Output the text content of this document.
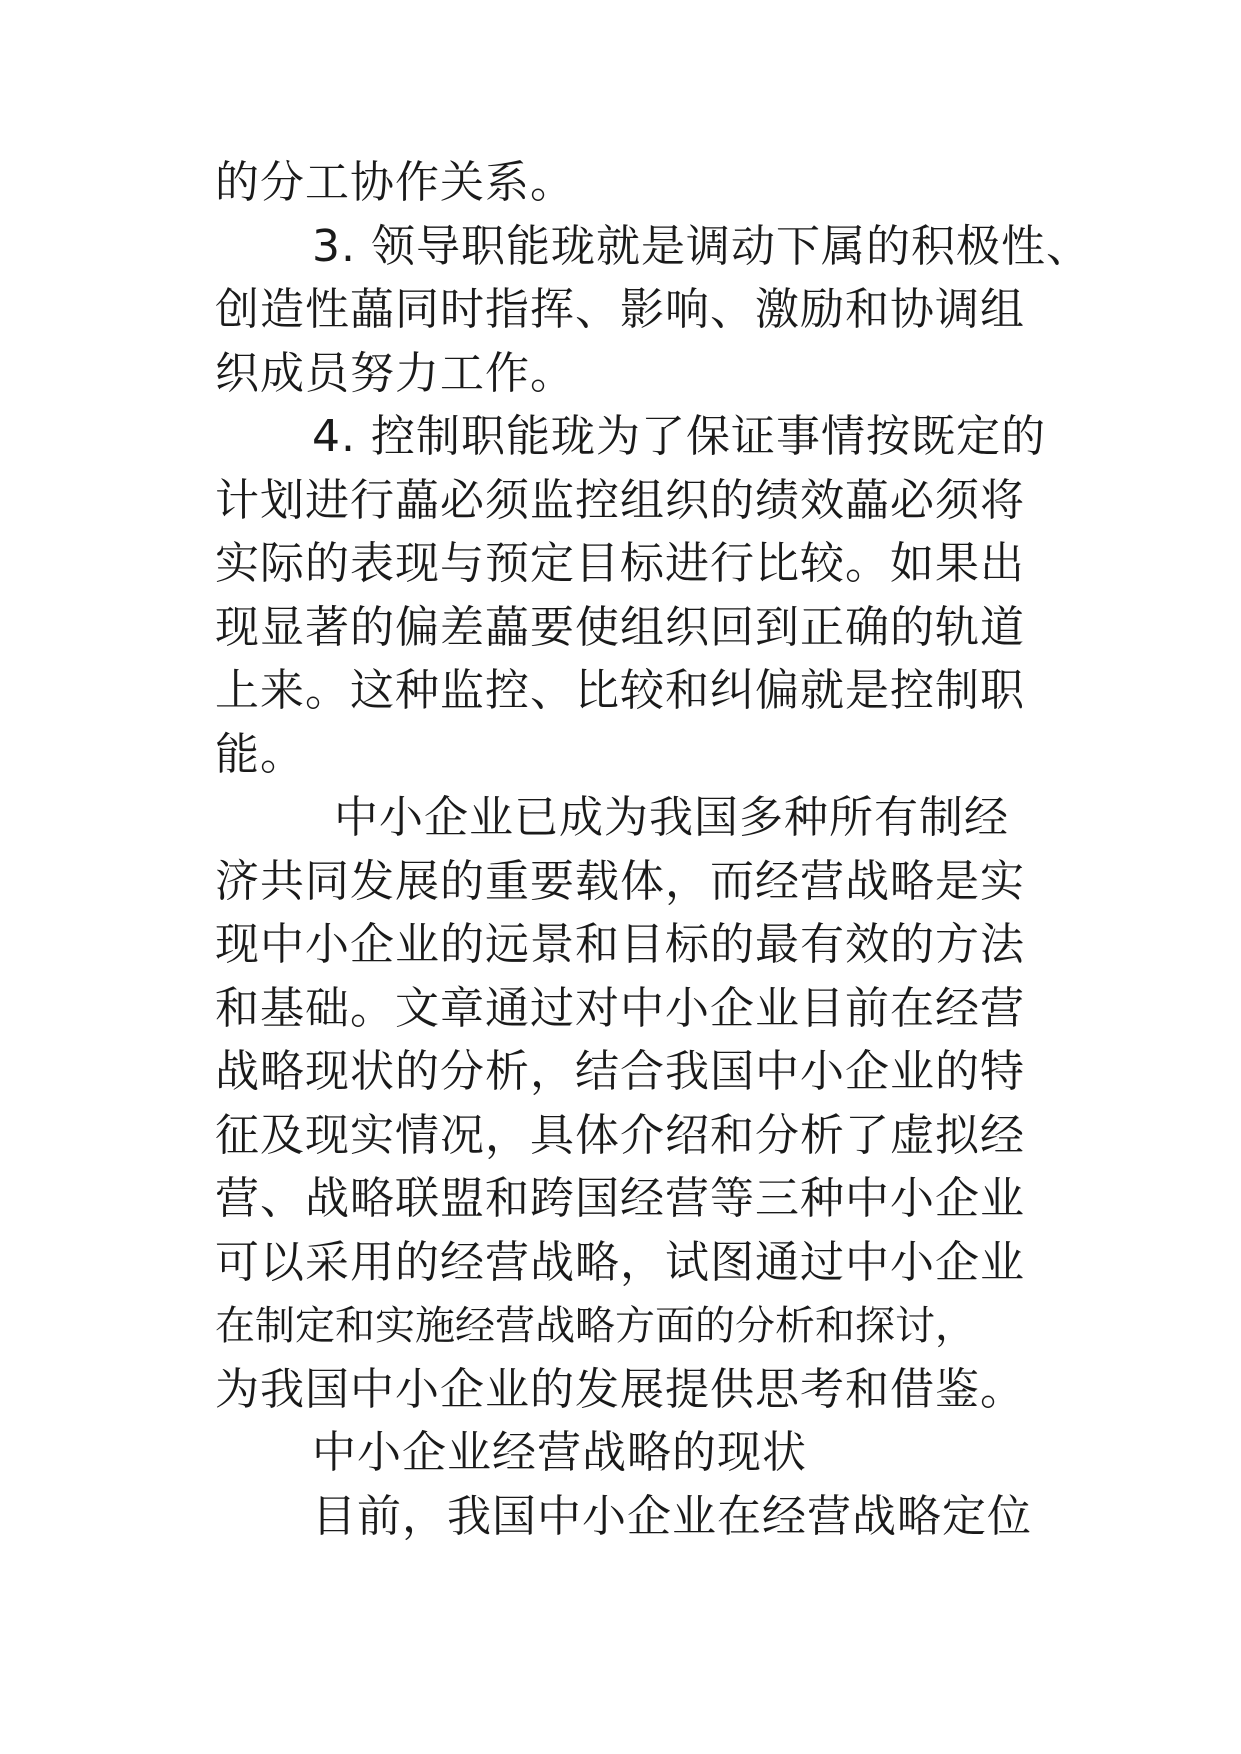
的分工协作关系。
3. 领导职能珑就是调动下属的积极性、
创造性藟同时指挥、影响、激励和协调组
织成员努力工作。
4. 控制职能珑为了保证事情按既定的
计划进行藟必须监控组织的绩效藟必须将
实际的表现与预定目标进行比较。如果出
现显著的偏差藟要使组织回到正确的轨道
上来。这种监控、比较和纠偏就是控制职
能。
中小企业已成为我国多种所有制经
济共同发展的重要载体，而经营战略是实
现中小企业的远景和目标的最有效的方法
和基础。文章通过对中小企业目前在经营
战略现状的分析，结合我国中小企业的特
征及现实情况，具体介绍和分析了虚拟经
营、战略联盟和跨国经营等三种中小企业
可以采用的经营战略，试图通过中小企业
在制定和实施经营战略方面的分析和探讨，
为我国中小企业的发展提供思考和借鉴。
中小企业经营战略的现状
目前，我国中小企业在经营战略定位
